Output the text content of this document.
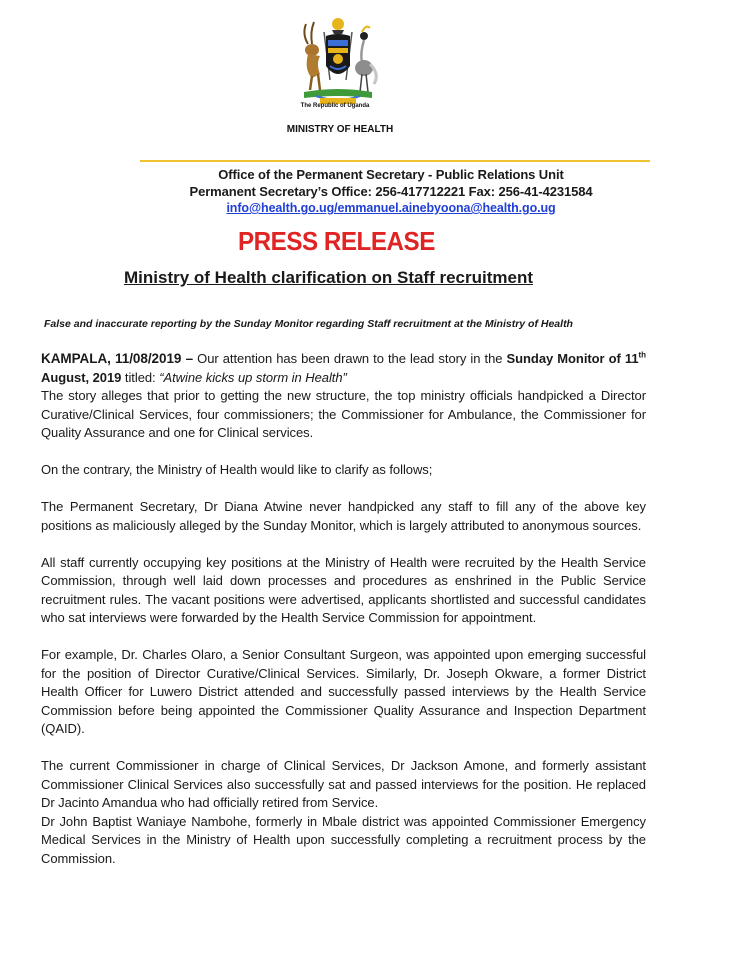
The Republic of Uganda
MINISTRY OF HEALTH
Office of the Permanent Secretary - Public Relations Unit
Permanent Secretary’s Office: 256-417712221 Fax: 256-41-4231584
info@health.go.ug/emmanuel.ainebyoona@health.go.ug
PRESS RELEASE
Ministry of Health clarification on Staff recruitment
False and inaccurate reporting by the Sunday Monitor regarding Staff recruitment at the Ministry of Health

KAMPALA, 11/08/2019 – Our attention has been drawn to the lead story in the Sunday Monitor of 11th August, 2019 titled: “Atwine kicks up storm in Health”

The story alleges that prior to getting the new structure, the top ministry officials handpicked a Director Curative/Clinical Services, four commissioners; the Commissioner for Ambulance, the Commissioner for Quality Assurance and one for Clinical services.

On the contrary, the Ministry of Health would like to clarify as follows;

The Permanent Secretary, Dr Diana Atwine never handpicked any staff to fill any of the above key positions as maliciously alleged by the Sunday Monitor, which is largely attributed to anonymous sources.

All staff currently occupying key positions at the Ministry of Health were recruited by the Health Service Commission, through well laid down processes and procedures as enshrined in the Public Service recruitment rules. The vacant positions were advertised, applicants shortlisted and successful candidates who sat interviews were forwarded by the Health Service Commission for appointment.

For example, Dr. Charles Olaro, a Senior Consultant Surgeon, was appointed upon emerging successful for the position of Director Curative/Clinical Services. Similarly, Dr. Joseph Okware, a former District Health Officer for Luwero District attended and successfully passed interviews by the Health Service Commission before being appointed the Commissioner Quality Assurance and Inspection Department (QAID).

The current Commissioner in charge of Clinical Services, Dr Jackson Amone, and formerly assistant Commissioner Clinical Services also successfully sat and passed interviews for the position. He replaced Dr Jacinto Amandua who had officially retired from Service.

Dr John Baptist Waniaye Nambohe, formerly in Mbale district was appointed Commissioner Emergency Medical Services in the Ministry of Health upon successfully completing a recruitment process by the Commission.
